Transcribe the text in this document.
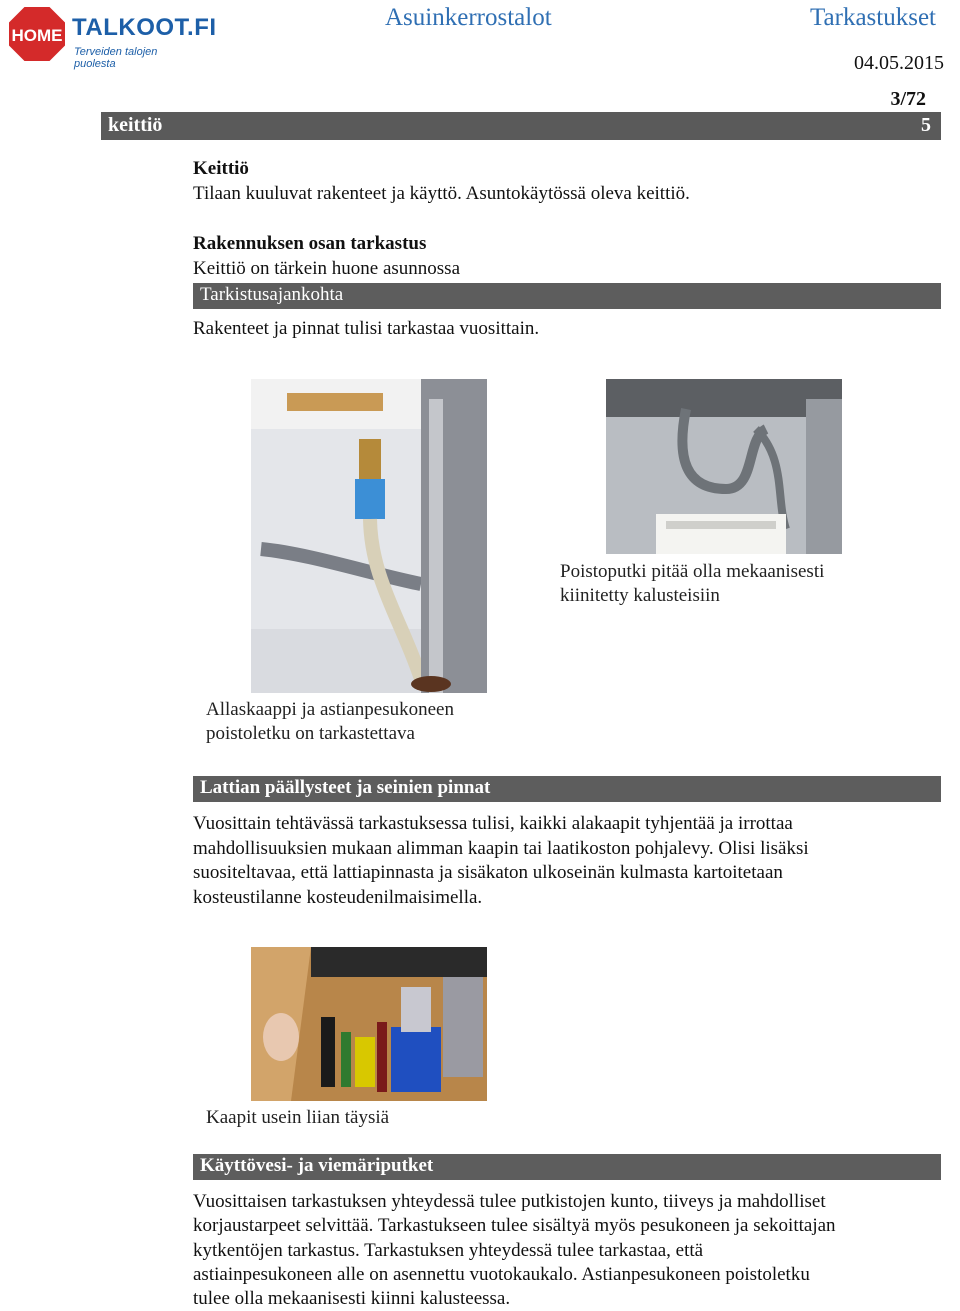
HOME TALKOOT.FI
Terveiden talojen puolesta
Asuinkerrostalot	Tarkastukset
04.05.2015
3/72
keittiö	5
Keittiö
Tilaan kuuluvat rakenteet ja käyttö. Asuntokäytössä oleva keittiö.
Rakennuksen osan tarkastus
Keittiö on tärkein huone asunnossa
Tarkistusajankohta
Rakenteet ja pinnat tulisi tarkastaa vuosittain.
Poistoputki pitää olla mekaanisesti
kiinitetty kalusteisiin
Allaskaappi ja astianpesukoneen
poistoletku on tarkastettava
Lattian päällysteet ja seinien pinnat
Vuosittain tehtävässä tarkastuksessa tulisi, kaikki alakaapit tyhjentää ja irrottaa
mahdollisuuksien mukaan alimman kaapin tai laatikoston pohjalevy. Olisi lisäksi
suositeltavaa, että lattiapinnasta ja sisäkaton ulkoseinän kulmasta kartoitetaan
kosteustilanne kosteudenilmaisimella.
Kaapit usein liian täysiä
Käyttövesi- ja viemäriputket
Vuosittaisen tarkastuksen yhteydessä tulee putkistojen kunto, tiiveys ja mahdolliset
korjaustarpeet selvittää. Tarkastukseen tulee sisältyä myös pesukoneen ja sekoittajan
kytkentöjen tarkastus. Tarkastuksen yhteydessä tulee tarkastaa, että
astiainpesukoneen alle on asennettu vuotokaukalo. Astianpesukoneen poistoletku
tulee olla mekaanisesti kiinni kalusteessa.
